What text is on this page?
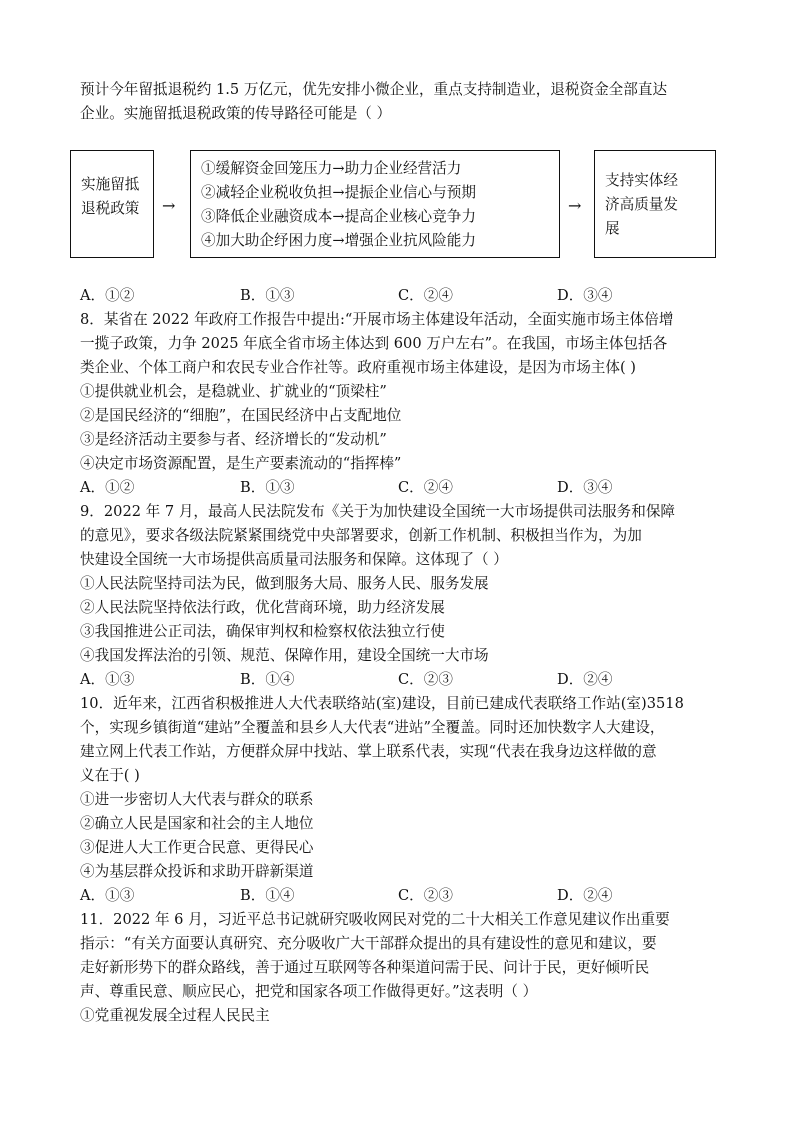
预计今年留抵退税约 1.5 万亿元，优先安排小微企业，重点支持制造业，退税资金全部直达
企业。实施留抵退税政策的传导路径可能是（ ）
实施留抵
退税政策	→
①缓解资金回笼压力→助力企业经营活力
②减轻企业税收负担→提振企业信心与预期
③降低企业融资成本→提高企业核心竞争力
④加大助企纾困力度→增强企业抗风险能力
→
支持实体经
济高质量发
展
A．①②	B．①③	C．②④	D．③④
8．某省在 2022 年政府工作报告中提出:“开展市场主体建设年活动，全面实施市场主体倍增
一揽子政策，力争 2025 年底全省市场主体达到 600 万户左右”。在我国，市场主体包括各
类企业、个体工商户和农民专业合作社等。政府重视市场主体建设，是因为市场主体( )
①提供就业机会，是稳就业、扩就业的“顶梁柱”
②是国民经济的“细胞”，在国民经济中占支配地位
③是经济活动主要参与者、经济增长的“发动机”
④决定市场资源配置，是生产要素流动的“指挥棒”
A．①②	B．①③	C．②④	D．③④
9．2022 年 7 月，最高人民法院发布《关于为加快建设全国统一大市场提供司法服务和保障
的意见》，要求各级法院紧紧围绕党中央部署要求，创新工作机制、积极担当作为，为加
快建设全国统一大市场提供高质量司法服务和保障。这体现了（ ）
①人民法院坚持司法为民，做到服务大局、服务人民、服务发展
②人民法院坚持依法行政，优化营商环境，助力经济发展
③我国推进公正司法，确保审判权和检察权依法独立行使
④我国发挥法治的引领、规范、保障作用，建设全国统一大市场
A．①③	B．①④	C．②③	D．②④
10．近年来，江西省积极推进人大代表联络站(室)建设，目前已建成代表联络工作站(室)3518
个，实现乡镇街道“建站”全覆盖和县乡人大代表“进站”全覆盖。同时还加快数字人大建设，
建立网上代表工作站，方便群众屏中找站、掌上联系代表，实现“代表在我身边这样做的意
义在于( )
①进一步密切人大代表与群众的联系
②确立人民是国家和社会的主人地位
③促进人大工作更合民意、更得民心
④为基层群众投诉和求助开辟新渠道
A．①③	B．①④	C．②③	D．②④
11．2022 年 6 月，习近平总书记就研究吸收网民对党的二十大相关工作意见建议作出重要
指示：“有关方面要认真研究、充分吸收广大干部群众提出的具有建设性的意见和建议，要
走好新形势下的群众路线，善于通过互联网等各种渠道问需于民、问计于民，更好倾听民
声、尊重民意、顺应民心，把党和国家各项工作做得更好。”这表明（ ）
①党重视发展全过程人民民主
